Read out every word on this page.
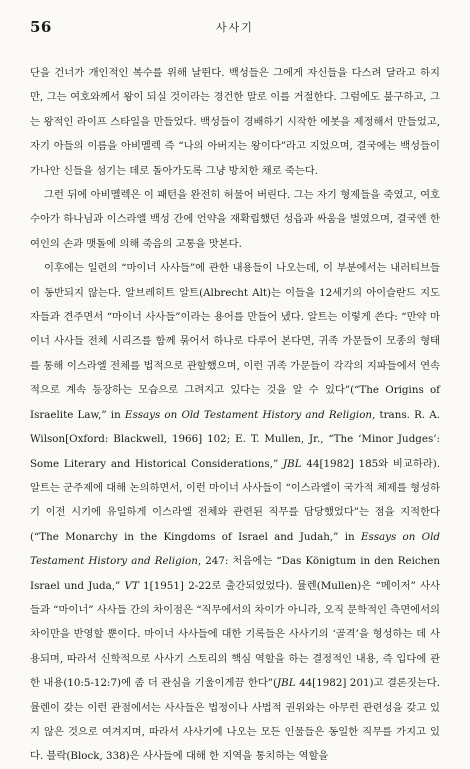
56	사사기

단을 건너가 개인적인 복수를 위해 날뛴다. 백성들은 그에게 자신들을 다스려 달라고 하지만, 그는 여호와께서 왕이 되실 것이라는 경건한 말로 이를 거절한다. 그럼에도 불구하고, 그는 왕적인 라이프 스타일을 만들었다. 백성들이 경배하기 시작한 에봇을 제정해서 만들었고, 자기 아들의 이름을 아비멜렉 즉 “나의 아버지는 왕이다”라고 지었으며, 결국에는 백성들이 가나안 신들을 섬기는 데로 돌아가도록 그냥 방치한 채로 죽는다.

그런 뒤에 아비멜렉은 이 패턴을 완전히 허물어 버린다. 그는 자기 형제들을 죽였고, 여호수아가 하나님과 이스라엘 백성 간에 언약을 재확립했던 성읍과 싸움을 벌였으며, 결국엔 한 여인의 손과 맷돌에 의해 죽음의 고통을 맛본다.

이후에는 일련의 “마이너 사사들”에 관한 내용들이 나오는데, 이 부분에서는 내러티브들이 동반되지 않는다. 알브레히트 알트(Albrecht Alt)는 이들을 12세기의 아이슬란드 지도자들과 견주면서 “마이너 사사들”이라는 용어를 만들어 냈다. 알트는 이렇게 쓴다: “만약 마이너 사사들 전체 시리즈를 함께 묶어서 하나로 다루어 본다면, 귀족 가문들이 모종의 형태를 통해 이스라엘 전체를 법적으로 관할했으며, 이런 귀족 가문들이 각각의 지파들에서 연속적으로 계속 등장하는 모습으로 그려지고 있다는 것을 알 수 있다”(“The Origins of Israelite Law,” in Essays on Old Testament History and Religion, trans. R. A. Wilson[Oxford: Blackwell, 1966] 102; E. T. Mullen, Jr., “The ‘Minor Judges’: Some Literary and Historical Considerations,” JBL 44[1982] 185와 비교하라). 알트는 군주제에 대해 논의하면서, 이런 마이너 사사들이 “이스라엘이 국가적 체제를 형성하기 이전 시기에 유일하게 이스라엘 전체와 관련된 직무를 담당했었다”는 점을 지적한다(“The Monarchy in the Kingdoms of Israel and Judah,” in Essays on Old Testament History and Religion, 247: 처음에는 “Das Königtum in den Reichen Israel und Juda,” VT 1[1951] 2-22로 출간되었었다). 뮬렌(Mullen)은 “메이저” 사사들과 “마이너” 사사들 간의 차이점은 “직무에서의 차이가 아니라, 오직 문학적인 측면에서의 차이만을 반영할 뿐이다. 마이너 사사들에 대한 기록들은 사사기의 ‘골격’을 형성하는 데 사용되며, 따라서 신학적으로 사사기 스토리의 핵심 역할을 하는 결정적인 내용, 즉 입다에 관한 내용(10:5-12:7)에 좀 더 관심을 기울이게끔 한다”(JBL 44[1982] 201)고 결론짓는다. 뮬렌이 갖는 이런 관점에서는 사사들은 법정이나 사법적 권위와는 아무런 관련성을 갖고 있지 않은 것으로 여겨지며, 따라서 사사기에 나오는 모든 인물들은 동일한 직무를 가지고 있다. 블락(Block, 338)은 사사들에 대해 한 지역을 통치하는 역할을
